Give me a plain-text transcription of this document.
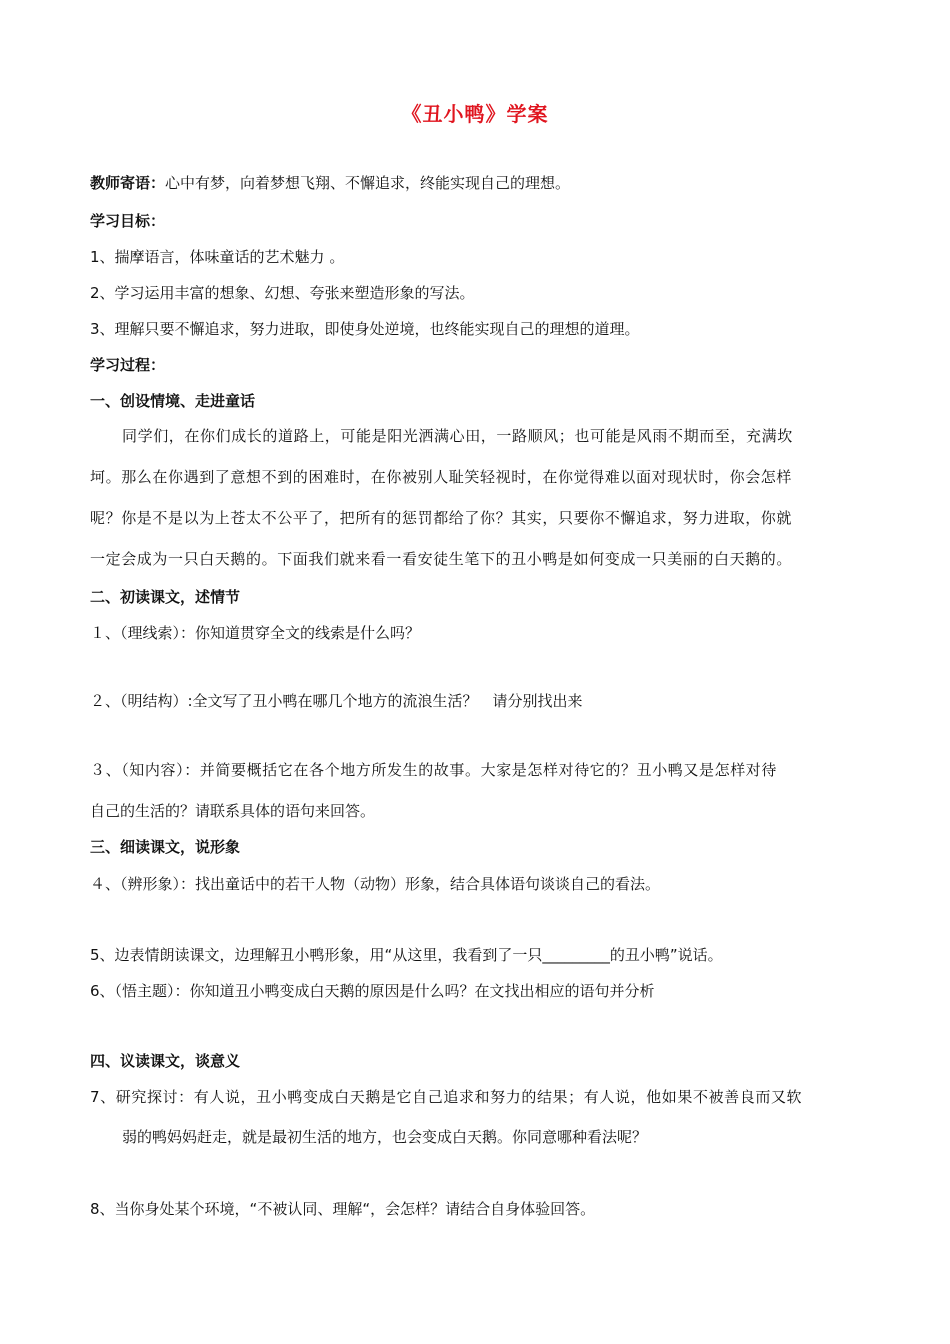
《丑小鸭》学案
教师寄语：心中有梦，向着梦想飞翔、不懈追求，终能实现自己的理想。
学习目标：
1、揣摩语言，体味童话的艺术魅力 。
2、学习运用丰富的想象、幻想、夸张来塑造形象的写法。
3、理解只要不懈追求，努力进取，即使身处逆境，也终能实现自己的理想的道理。
学习过程：
一、创设情境、走进童话
同学们，在你们成长的道路上，可能是阳光洒满心田，一路顺风；也可能是风雨不期而至，充满坎
坷。那么在你遇到了意想不到的困难时，在你被别人耻笑轻视时，在你觉得难以面对现状时，你会怎样
呢？你是不是以为上苍太不公平了，把所有的惩罚都给了你？其实，只要你不懈追求，努力进取，你就
一定会成为一只白天鹅的。下面我们就来看一看安徒生笔下的丑小鸭是如何变成一只美丽的白天鹅的。
二、初读课文，述情节
１、（理线索）：你知道贯穿全文的线索是什么吗？
２、（明结构）:全文写了丑小鸭在哪几个地方的流浪生活？　请分别找出来
３、（知内容）：并简要概括它在各个地方所发生的故事。大家是怎样对待它的？丑小鸭又是怎样对待
自己的生活的？请联系具体的语句来回答。
三、细读课文，说形象
４、（辨形象）：找出童话中的若干人物（动物）形象，结合具体语句谈谈自己的看法。
5、边表情朗读课文，边理解丑小鸭形象，用“从这里，我看到了一只_________的丑小鸭”说话。
6、（悟主题）：你知道丑小鸭变成白天鹅的原因是什么吗？在文找出相应的语句并分析
四、议读课文，谈意义
7、研究探讨：有人说，丑小鸭变成白天鹅是它自己追求和努力的结果；有人说，他如果不被善良而又软
弱的鸭妈妈赶走，就是最初生活的地方，也会变成白天鹅。你同意哪种看法呢？
8、当你身处某个环境，“不被认同、理解“，会怎样？请结合自身体验回答。
